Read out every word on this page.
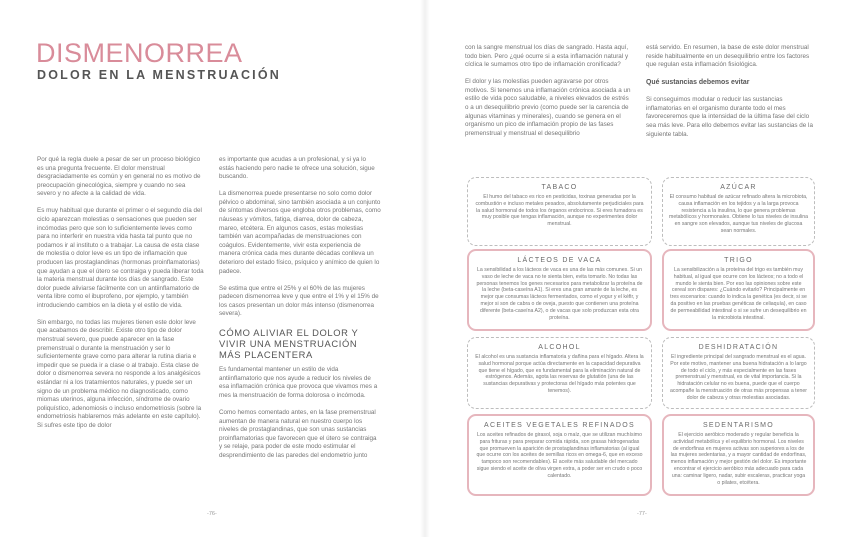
DISMENORREA
DOLOR EN LA MENSTRUACIÓN

Por qué la regla duele a pesar de ser un proceso biológico es una pregunta frecuente. El dolor menstrual desgraciadamente es común y en general no es motivo de preocupación ginecológica, siempre y cuando no sea severo y no afecte a la calidad de vida.

Es muy habitual que durante el primer o el segundo día del ciclo aparezcan molestias o sensaciones que pueden ser incómodas pero que son lo suficientemente leves como para no interferir en nuestra vida hasta tal punto que no podamos ir al instituto o a trabajar. La causa de esta clase de molestia o dolor leve es un tipo de inflamación que producen las prostaglandinas (hormonas proinflamatorias) que ayudan a que el útero se contraiga y pueda liberar toda la materia menstrual durante los días de sangrado. Este dolor puede aliviarse fácilmente con un antiinflamatorio de venta libre como el ibuprofeno, por ejemplo, y también introduciendo cambios en la dieta y el estilo de vida.

Sin embargo, no todas las mujeres tienen este dolor leve que acabamos de describir. Existe otro tipo de dolor menstrual severo, que puede aparecer en la fase premenstrual o durante la menstruación y ser lo suficientemente grave como para alterar la rutina diaria e impedir que se pueda ir a clase o al trabajo. Esta clase de dolor o dismenorrea severa no responde a los analgésicos estándar ni a los tratamientos naturales, y puede ser un signo de un problema médico no diagnosticado, como miomas uterinos, alguna infección, síndrome de ovario poliquístico, adenomiosis o incluso endometriosis (sobre la endometriosis hablaremos más adelante en este capítulo). Si sufres este tipo de dolor

es importante que acudas a un profesional, y si ya lo estás haciendo pero nadie te ofrece una solución, sigue buscando.

La dismenorrea puede presentarse no solo como dolor pélvico o abdominal, sino también asociada a un conjunto de síntomas diversos que engloba otros problemas, como náuseas y vómitos, fatiga, diarrea, dolor de cabeza, mareo, etcétera. En algunos casos, estas molestias también van acompañadas de menstruaciones con coágulos. Evidentemente, vivir esta experiencia de manera crónica cada mes durante décadas conlleva un deterioro del estado físico, psíquico y anímico de quien lo padece.

Se estima que entre el 25% y el 60% de las mujeres padecen dismenorrea leve y que entre el 1% y el 15% de los casos presentan un dolor más intenso (dismenorrea severa).

CÓMO ALIVIAR EL DOLOR Y VIVIR UNA MENSTRUACIÓN MÁS PLACENTERA

Es fundamental mantener un estilo de vida antiinflamatorio que nos ayude a reducir los niveles de esa inflamación crónica que provoca que vivamos mes a mes la menstruación de forma dolorosa o incómoda.

Como hemos comentado antes, en la fase premenstrual aumentan de manera natural en nuestro cuerpo los niveles de prostaglandinas, que son unas sustancias proinflamatorias que favorecen que el útero se contraiga y se relaje, para poder de este modo estimular el desprendimiento de las paredes del endometrio junto

-76-

con la sangre menstrual los días de sangrado. Hasta aquí, todo bien. Pero ¿qué ocurre si a esta inflamación natural y cíclica le sumamos otro tipo de inflamación cronificada?

El dolor y las molestias pueden agravarse por otros motivos. Si tenemos una inflamación crónica asociada a un estilo de vida poco saludable, a niveles elevados de estrés o a un desequilibrio previo (como puede ser la carencia de algunas vitaminas y minerales), cuando se genera en el organismo un pico de inflamación propio de las fases premenstrual y menstrual el desequilibrio

está servido. En resumen, la base de este dolor menstrual reside habitualmente en un desequilibrio entre los factores que regulan esta inflamación fisiológica.

Qué sustancias debemos evitar

Si conseguimos modular o reducir las sustancias inflamatorias en el organismo durante todo el mes favoreceremos que la intensidad de la última fase del ciclo sea más leve. Para ello debemos evitar las sustancias de la siguiente tabla.

TABACO
El humo del tabaco es rico en pesticidas, toxinas generadas por la combustión e incluso metales pesados, absolutamente perjudiciales para la salud hormonal de todos los órganos endocrinos. Si eres fumadora es muy posible que tengas inflamación, aunque no experimentes dolor menstrual.
AZÚCAR
El consumo habitual de azúcar refinado altera la microbiota, causa inflamación en los tejidos y a la larga provoca resistencia a la insulina, lo que genera problemas metabólicos y hormonales. Obtiene lo tus niveles de insulina en sangre son elevados, aunque tus niveles de glucosa sean normales.
LÁCTEOS DE VACA
La sensibilidad a los lácteos de vaca es una de las más comunes. Si un vaso de leche de vaca no te sienta bien, evita tomarlo. No todas las personas tenemos los genes necesarios para metabolizar la proteína de la leche (beta-caseína A1). Si eres una gran amante de la leche, es mejor que consumas lácteos fermentados, como el yogur y el kéfir, y mejor si son de cabra o de oveja, puesto que contienen una proteína diferente (beta-caseína A2), o de vacas que solo produzcan esta otra proteína.
TRIGO
La sensibilización a la proteína del trigo es también muy habitual, al igual que ocurre con los lácteos; no a todo el mundo le sienta bien. Por eso las opiniones sobre este cereal son dispares: ¿Cuándo evitarlo? Principalmente en tres escenarios: cuando lo indica la genética (es decir, si se da positivo en las pruebas genéticas de celiaquía), en caso de permeabilidad intestinal o si se sufre un desequilibrio en la microbiota intestinal.
ALCOHOL
El alcohol es una sustancia inflamatoria y dañina para el hígado. Altera la salud hormonal porque actúa directamente en la capacidad depurativa que tiene el hígado, que es fundamental para la eliminación natural de estrógenos. Además, agota las reservas de glutatión (una de las sustancias depurativas y protectoras del hígado más potentes que tenemos).
DESHIDRATACIÓN
El ingrediente principal del sangrado menstrual es el agua. Por este motivo, mantener una buena hidratación a lo largo de todo el ciclo, y más especialmente en las fases premenstrual y menstrual, es de vital importancia. Si la hidratación celular no es buena, puede que el cuerpo acompañe la menstruación de otras más propensas a tener dolor de cabeza y otras molestias asociadas.
ACEITES VEGETALES REFINADOS
Los aceites refinados de girasol, soja o maíz, que se utilizan muchísimo para frituras y para preparar comida rápida, son grasas hidrogenadas que promueven la aparición de prostaglandinas inflamatorias (al igual que ocurre con los aceites de semillas ricos en omega-6, que en exceso tampoco son recomendables). El aceite más saludable del mercado sigue siendo el aceite de oliva virgen extra, a poder ser en crudo o poco calentado.
SEDENTARISMO
El ejercicio aeróbico moderado y regular beneficia la actividad metabólica y el equilibrio hormonal. Los niveles de endorfinas en mujeres activas son superiores a los de las mujeres sedentarias, y a mayor cantidad de endorfinas, menos inflamación y mejor gestión del dolor. Es importante encontrar el ejercicio aeróbico más adecuado para cada una: caminar ligero, nadar, subir escaleras, practicar yoga o pilates, etcétera.
-77-
